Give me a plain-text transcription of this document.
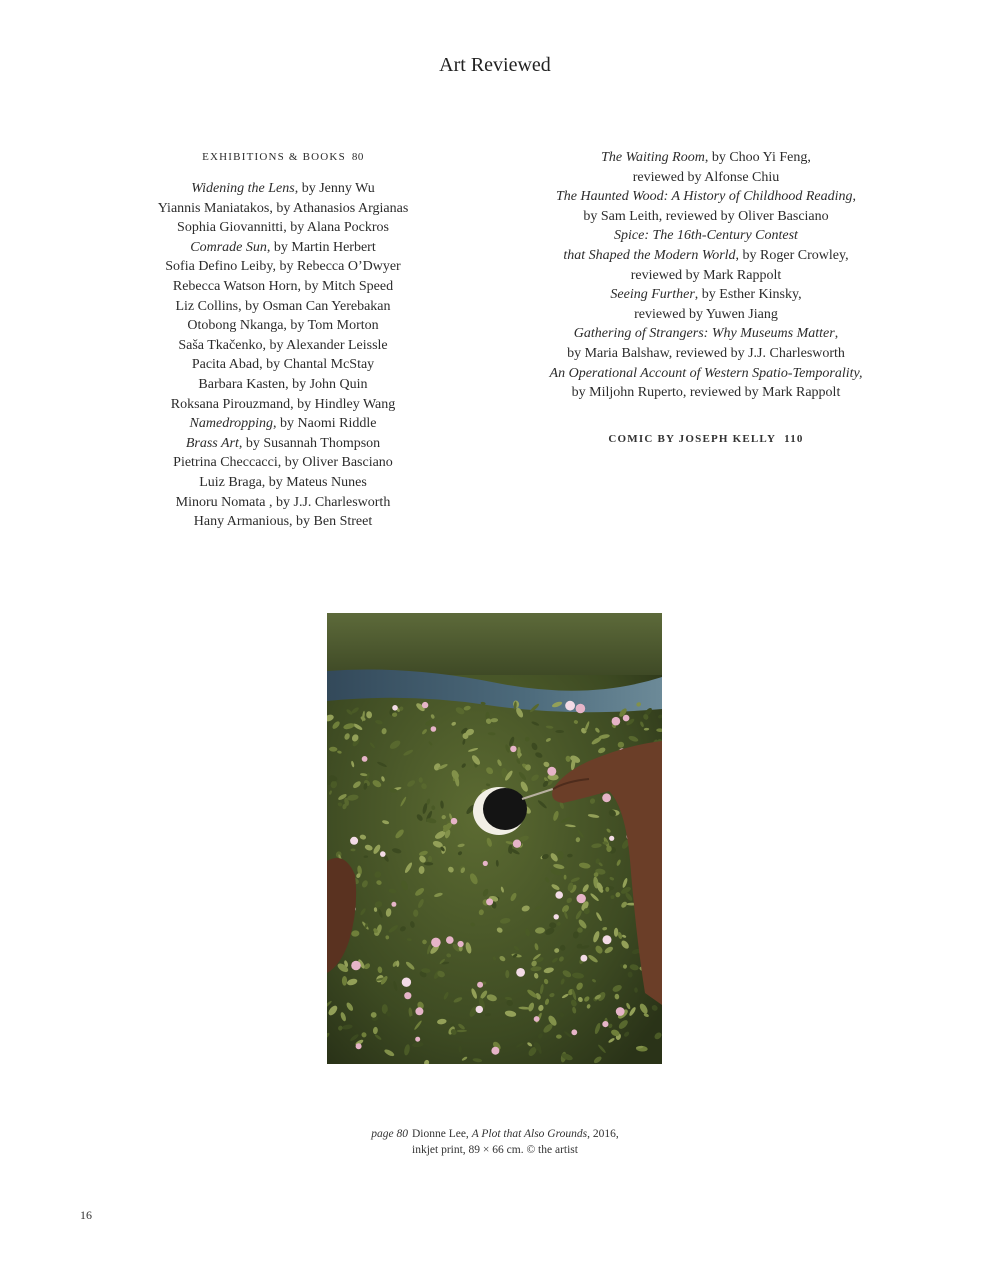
Art Reviewed
EXHIBITIONS & BOOKS 80
Widening the Lens, by Jenny Wu
Yiannis Maniatakos, by Athanasios Argianas
Sophia Giovannitti, by Alana Pockros
Comrade Sun, by Martin Herbert
Sofia Defino Leiby, by Rebecca O’Dwyer
Rebecca Watson Horn, by Mitch Speed
Liz Collins, by Osman Can Yerebakan
Otobong Nkanga, by Tom Morton
Saša Tkačenko, by Alexander Leissle
Pacita Abad, by Chantal McStay
Barbara Kasten, by John Quin
Roksana Pirouzmand, by Hindley Wang
Namedropping, by Naomi Riddle
Brass Art, by Susannah Thompson
Pietrina Checcacci, by Oliver Basciano
Luiz Braga, by Mateus Nunes
Minoru Nomata , by J.J. Charlesworth
Hany Armanious, by Ben Street
The Waiting Room, by Choo Yi Feng,
reviewed by Alfonse Chiu
The Haunted Wood: A History of Childhood Reading,
by Sam Leith, reviewed by Oliver Basciano
Spice: The 16th-Century Contest
that Shaped the Modern World, by Roger Crowley,
reviewed by Mark Rappolt
Seeing Further, by Esther Kinsky,
reviewed by Yuwen Jiang
Gathering of Strangers: Why Museums Matter,
by Maria Balshaw, reviewed by J.J. Charlesworth
An Operational Account of Western Spatio-Temporality,
by Miljohn Ruperto, reviewed by Mark Rappolt
COMIC BY JOSEPH KELLY 110
page 80 Dionne Lee, A Plot that Also Grounds, 2016,
inkjet print, 89 × 66 cm. © the artist
16
